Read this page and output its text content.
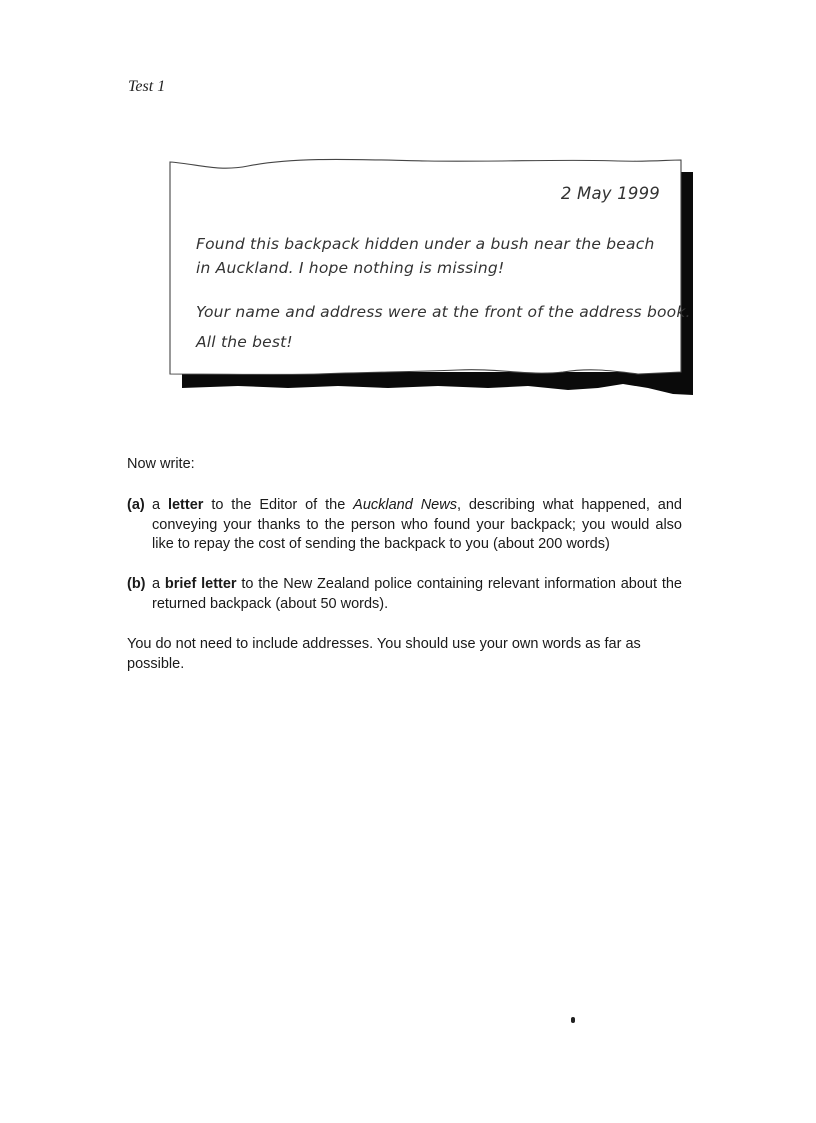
Test 1
2 May 1999
Found this backpack hidden under a bush near the beach in Auckland. I hope nothing is missing!
Your name and address were at the front of the address book.
All the best!
Now write:
(a) a letter to the Editor of the Auckland News, describing what happened, and conveying your thanks to the person who found your backpack; you would also like to repay the cost of sending the backpack to you (about 200 words)
(b) a brief letter to the New Zealand police containing relevant information about the returned backpack (about 50 words).
You do not need to include addresses. You should use your own words as far as possible.
